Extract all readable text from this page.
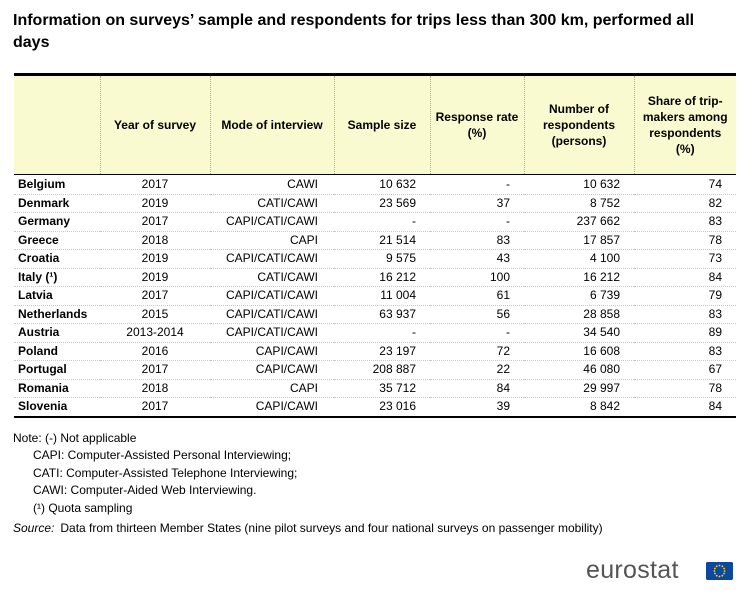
Information on surveys’ sample and respondents for trips less than 300 km, performed all days
	Year of survey	Mode of interview	Sample size	Response rate (%)	Number of respondents (persons)	Share of trip-makers among respondents (%)
Belgium	2017	CAWI	10 632	-	10 632	74
Denmark	2019	CATI/CAWI	23 569	37	8 752	82
Germany	2017	CAPI/CATI/CAWI	-	-	237 662	83
Greece	2018	CAPI	21 514	83	17 857	78
Croatia	2019	CAPI/CATI/CAWI	9 575	43	4 100	73
Italy (¹)	2019	CATI/CAWI	16 212	100	16 212	84
Latvia	2017	CAPI/CATI/CAWI	11 004	61	6 739	79
Netherlands	2015	CAPI/CATI/CAWI	63 937	56	28 858	83
Austria	2013-2014	CAPI/CATI/CAWI	-	-	34 540	89
Poland	2016	CAPI/CAWI	23 197	72	16 608	83
Portugal	2017	CAPI/CAWI	208 887	22	46 080	67
Romania	2018	CAPI	35 712	84	29 997	78
Slovenia	2017	CAPI/CAWI	23 016	39	8 842	84
Note: (-) Not applicable
CAPI: Computer-Assisted Personal Interviewing;
CATI: Computer-Assisted Telephone Interviewing;
CAWI: Computer-Aided Web Interviewing.
(¹) Quota sampling
Source: Data from thirteen Member States (nine pilot surveys and four national surveys on passenger mobility)
eurostat
